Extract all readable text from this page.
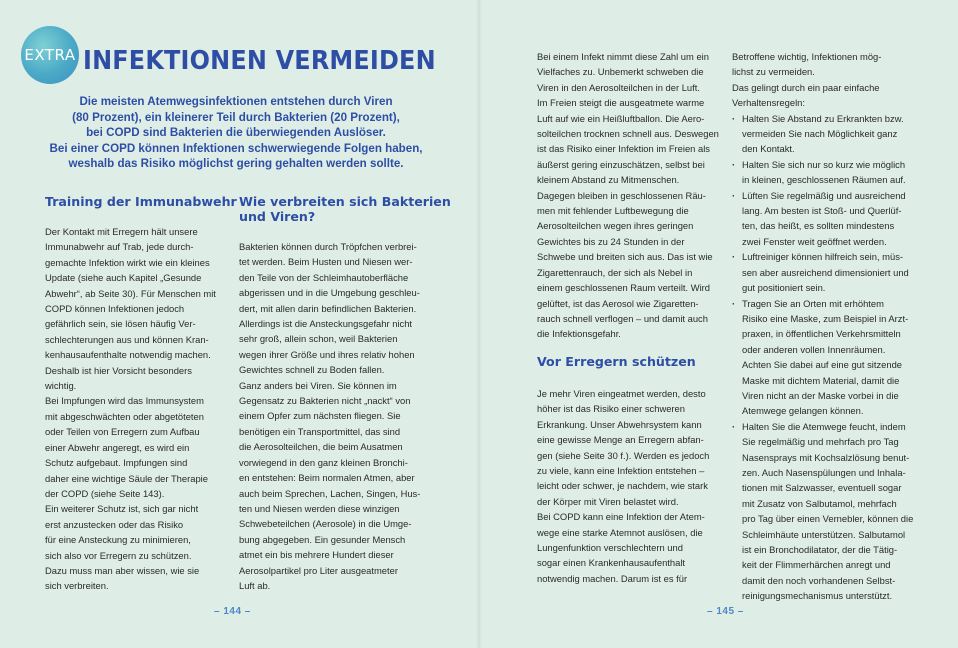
EXTRA INFEKTIONEN VERMEIDEN
Die meisten Atemwegsinfektionen entstehen durch Viren
(80 Prozent), ein kleinerer Teil durch Bakterien (20 Prozent),
bei COPD sind Bakterien die überwiegenden Auslöser.
Bei einer COPD können Infektionen schwerwiegende Folgen haben,
weshalb das Risiko möglichst gering gehalten werden sollte.
Training der Immunabwehr
Der Kontakt mit Erregern hält unsere
Immunabwehr auf Trab, jede durch-
gemachte Infektion wirkt wie ein kleines
Update (siehe auch Kapitel „Gesunde
Abwehr“, ab Seite 30). Für Menschen mit
COPD können Infektionen jedoch
gefährlich sein, sie lösen häufig Ver-
schlechterungen aus und können Kran-
kenhausaufenthalte notwendig machen.
Deshalb ist hier Vorsicht besonders
wichtig.
Bei Impfungen wird das Immunsystem
mit abgeschwächten oder abgetöteten
oder Teilen von Erregern zum Aufbau
einer Abwehr angeregt, es wird ein
Schutz aufgebaut. Impfungen sind
daher eine wichtige Säule der Therapie
der COPD (siehe Seite 143).
Ein weiterer Schutz ist, sich gar nicht
erst anzustecken oder das Risiko
für eine Ansteckung zu minimieren,
sich also vor Erregern zu schützen.
Dazu muss man aber wissen, wie sie
sich verbreiten.
Wie verbreiten sich Bakterien
und Viren?
Bakterien können durch Tröpfchen verbrei-
tet werden. Beim Husten und Niesen wer-
den Teile von der Schleimhautoberfläche
abgerissen und in die Umgebung geschleu-
dert, mit allen darin befindlichen Bakterien.
Allerdings ist die Ansteckungsgefahr nicht
sehr groß, allein schon, weil Bakterien
wegen ihrer Größe und ihres relativ hohen
Gewichtes schnell zu Boden fallen.
Ganz anders bei Viren. Sie können im
Gegensatz zu Bakterien nicht „nackt“ von
einem Opfer zum nächsten fliegen. Sie
benötigen ein Transportmittel, das sind
die Aerosolteilchen, die beim Ausatmen
vorwiegend in den ganz kleinen Bronchi-
en entstehen: Beim normalen Atmen, aber
auch beim Sprechen, Lachen, Singen, Hus-
ten und Niesen werden diese winzigen
Schwebeteilchen (Aerosole) in die Umge-
bung abgegeben. Ein gesunder Mensch
atmet ein bis mehrere Hundert dieser
Aerosolpartikel pro Liter ausgeatmeter
Luft ab.
Bei einem Infekt nimmt diese Zahl um ein
Vielfaches zu. Unbemerkt schweben die
Viren in den Aerosolteilchen in der Luft.
Im Freien steigt die ausgeatmete warme
Luft auf wie ein Heißluftballon. Die Aero-
solteilchen trocknen schnell aus. Deswegen
ist das Risiko einer Infektion im Freien als
äußerst gering einzuschätzen, selbst bei
kleinem Abstand zu Mitmenschen.
Dagegen bleiben in geschlossenen Räu-
men mit fehlender Luftbewegung die
Aerosolteilchen wegen ihres geringen
Gewichtes bis zu 24 Stunden in der
Schwebe und breiten sich aus. Das ist wie
Zigarettenrauch, der sich als Nebel in
einem geschlossenen Raum verteilt. Wird
gelüftet, ist das Aerosol wie Zigaretten-
rauch schnell verflogen – und damit auch
die Infektionsgefahr.
Vor Erregern schützen
Je mehr Viren eingeatmet werden, desto
höher ist das Risiko einer schweren
Erkrankung. Unser Abwehrsystem kann
eine gewisse Menge an Erregern abfan-
gen (siehe Seite 30 f.). Werden es jedoch
zu viele, kann eine Infektion entstehen –
leicht oder schwer, je nachdem, wie stark
der Körper mit Viren belastet wird.
Bei COPD kann eine Infektion der Atem-
wege eine starke Atemnot auslösen, die
Lungenfunktion verschlechtern und
sogar einen Krankenhausaufenthalt
notwendig machen. Darum ist es für
Betroffene wichtig, Infektionen mög-
lichst zu vermeiden.
Das gelingt durch ein paar einfache
Verhaltensregeln:
· Halten Sie Abstand zu Erkrankten bzw.
vermeiden Sie nach Möglichkeit ganz
den Kontakt.
· Halten Sie sich nur so kurz wie möglich
in kleinen, geschlossenen Räumen auf.
· Lüften Sie regelmäßig und ausreichend
lang. Am besten ist Stoß- und Querlüf-
ten, das heißt, es sollten mindestens
zwei Fenster weit geöffnet werden.
· Luftreiniger können hilfreich sein, müs-
sen aber ausreichend dimensioniert und
gut positioniert sein.
· Tragen Sie an Orten mit erhöhtem
Risiko eine Maske, zum Beispiel in Arzt-
praxen, in öffentlichen Verkehrsmitteln
oder anderen vollen Innenräumen.
Achten Sie dabei auf eine gut sitzende
Maske mit dichtem Material, damit die
Viren nicht an der Maske vorbei in die
Atemwege gelangen können.
· Halten Sie die Atemwege feucht, indem
Sie regelmäßig und mehrfach pro Tag
Nasensprays mit Kochsalzlösung benut-
zen. Auch Nasenspülungen und Inhala-
tionen mit Salzwasser, eventuell sogar
mit Zusatz von Salbutamol, mehrfach
pro Tag über einen Vernebler, können die
Schleimhäute unterstützen. Salbutamol
ist ein Bronchodilatator, der die Tätig-
keit der Flimmerhärchen anregt und
damit den noch vorhandenen Selbst-
reinigungsmechanismus unterstützt.
– 144 –	– 145 –
